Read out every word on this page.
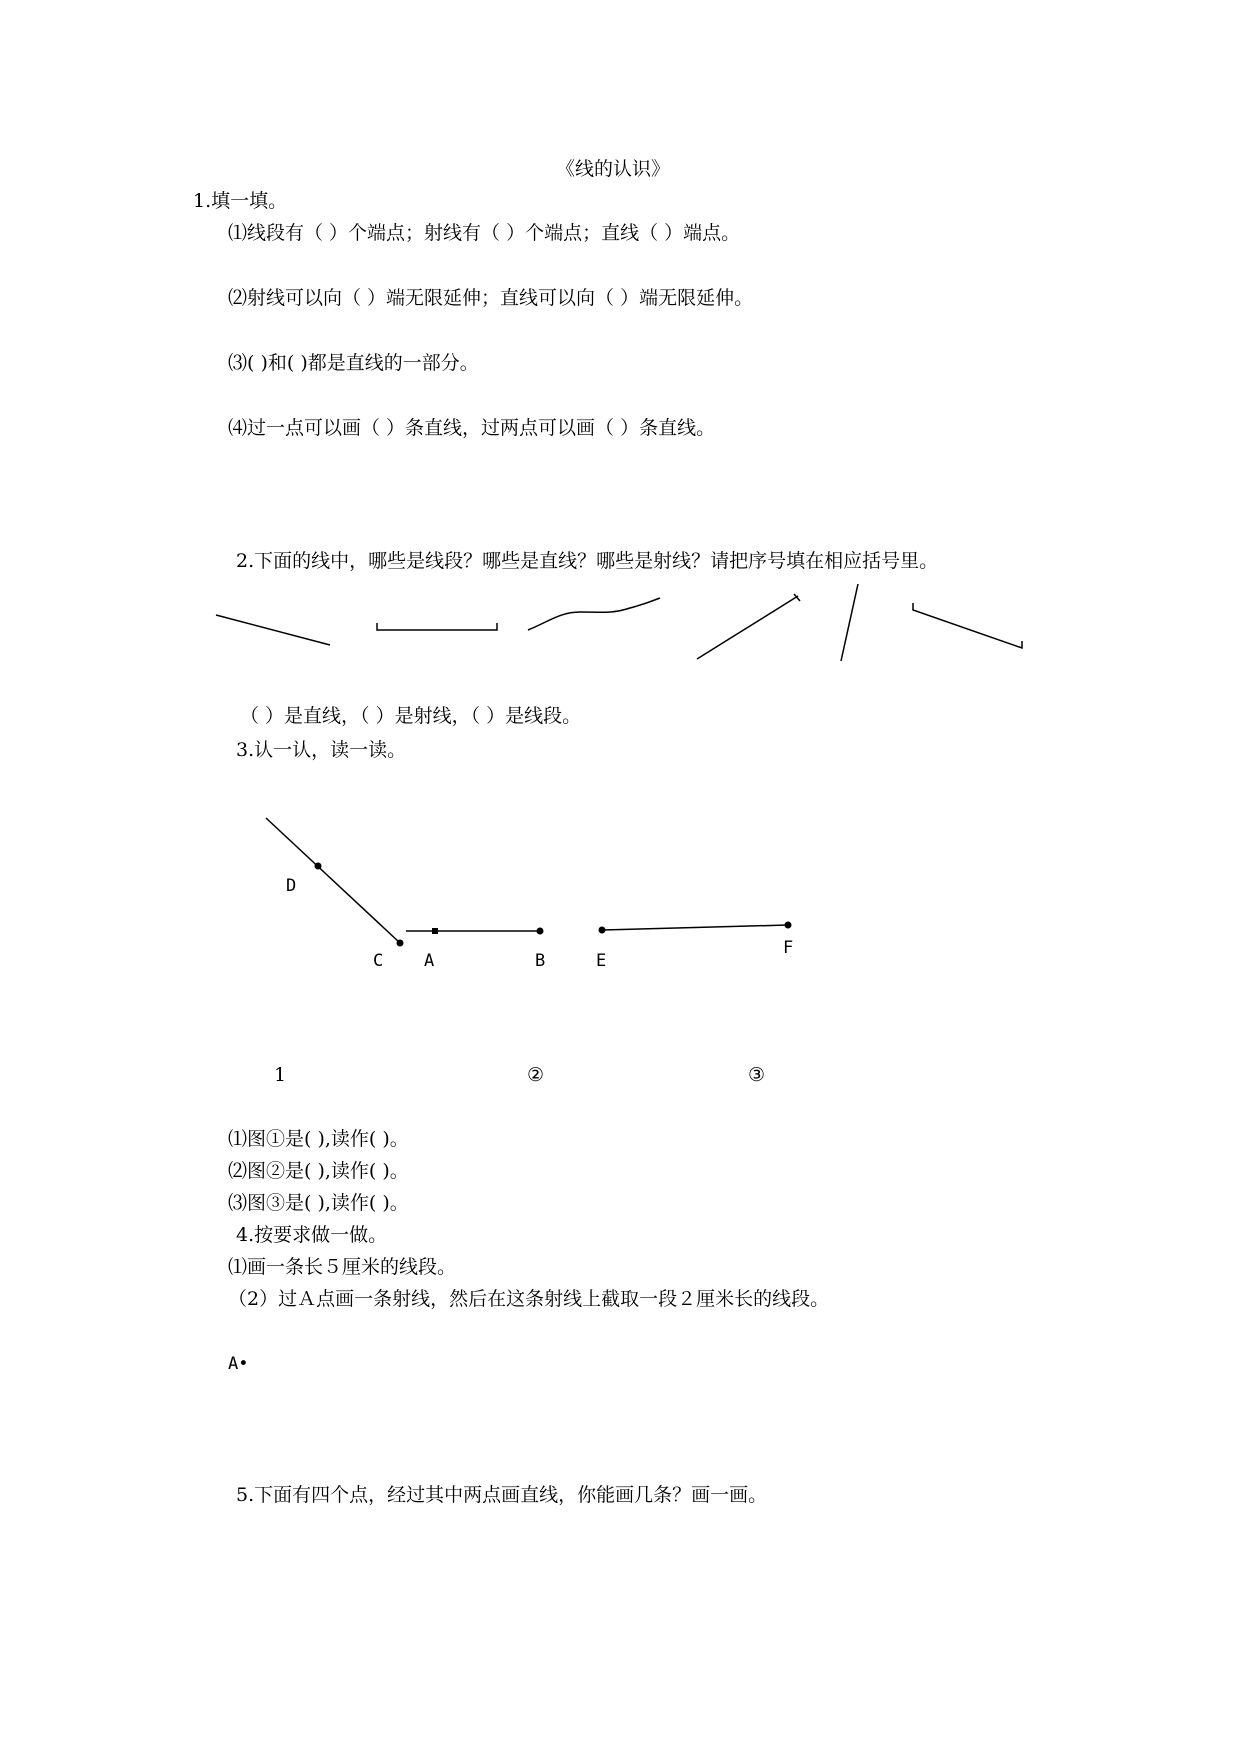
《线的认识》
1.填一填。
⑴线段有（ ）个端点；射线有（ ）个端点；直线（ ）端点。
⑵射线可以向（ ）端无限延伸；直线可以向（ ）端无限延伸。
⑶( )和( )都是直线的一部分。
⑷过一点可以画（ ）条直线，过两点可以画（ ）条直线。
2.下面的线中，哪些是线段？哪些是直线？哪些是射线？请把序号填在相应括号里。
（ ）是直线，（ ）是射线，（ ）是线段。
3.认一认，读一读。
D
C A	B	E
F
1	②	③
⑴图①是( ),读作( )。
⑵图②是( ),读作( )。
⑶图③是( ),读作( )。
4.按要求做一做。
⑴画一条长５厘米的线段。
（2）过Ａ点画一条射线，然后在这条射线上截取一段２厘米长的线段。
A•
5.下面有四个点，经过其中两点画直线，你能画几条？画一画。
